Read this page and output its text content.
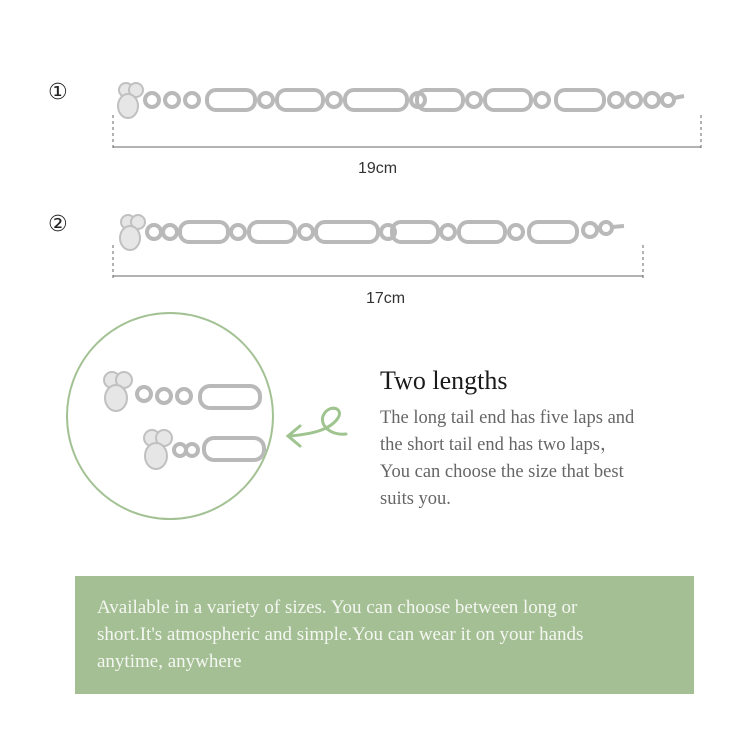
①
19cm
②
17cm
Two lengths
The long tail end has five laps and
the short tail end has two laps，
You can choose the size that best
suits you.
Available in a variety of sizes. You can choose between long or
short.It's atmospheric and simple.You can wear it on your hands
anytime, anywhere
